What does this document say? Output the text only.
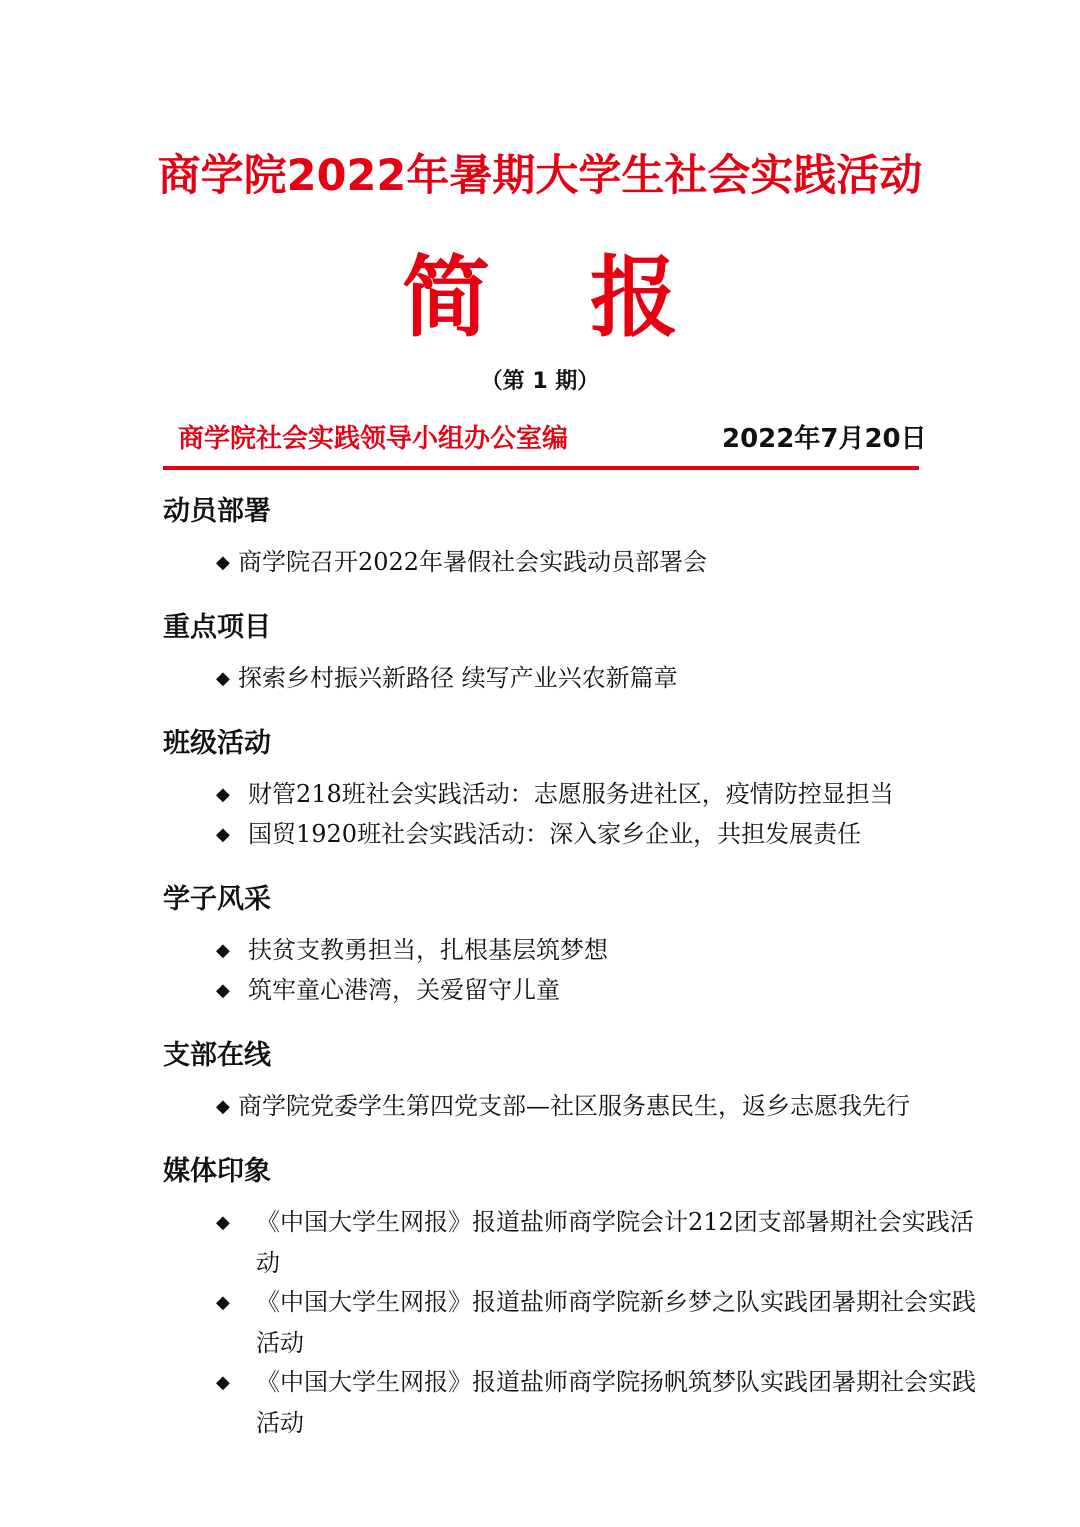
商学院2022年暑期大学生社会实践活动
简 报
（第 1 期）
商学院社会实践领导小组办公室编	2022年7月20日
动员部署
◆ 商学院召开2022年暑假社会实践动员部署会
重点项目
◆ 探索乡村振兴新路径 续写产业兴农新篇章
班级活动
◆ 财管218班社会实践活动：志愿服务进社区，疫情防控显担当
◆ 国贸1920班社会实践活动：深入家乡企业，共担发展责任
学子风采
◆ 扶贫支教勇担当，扎根基层筑梦想
◆ 筑牢童心港湾，关爱留守儿童
支部在线
◆ 商学院党委学生第四党支部—社区服务惠民生，返乡志愿我先行
媒体印象
◆ 《中国大学生网报》报道盐师商学院会计212团支部暑期社会实践活动
◆ 《中国大学生网报》报道盐师商学院新乡梦之队实践团暑期社会实践活动
◆ 《中国大学生网报》报道盐师商学院扬帆筑梦队实践团暑期社会实践活动
